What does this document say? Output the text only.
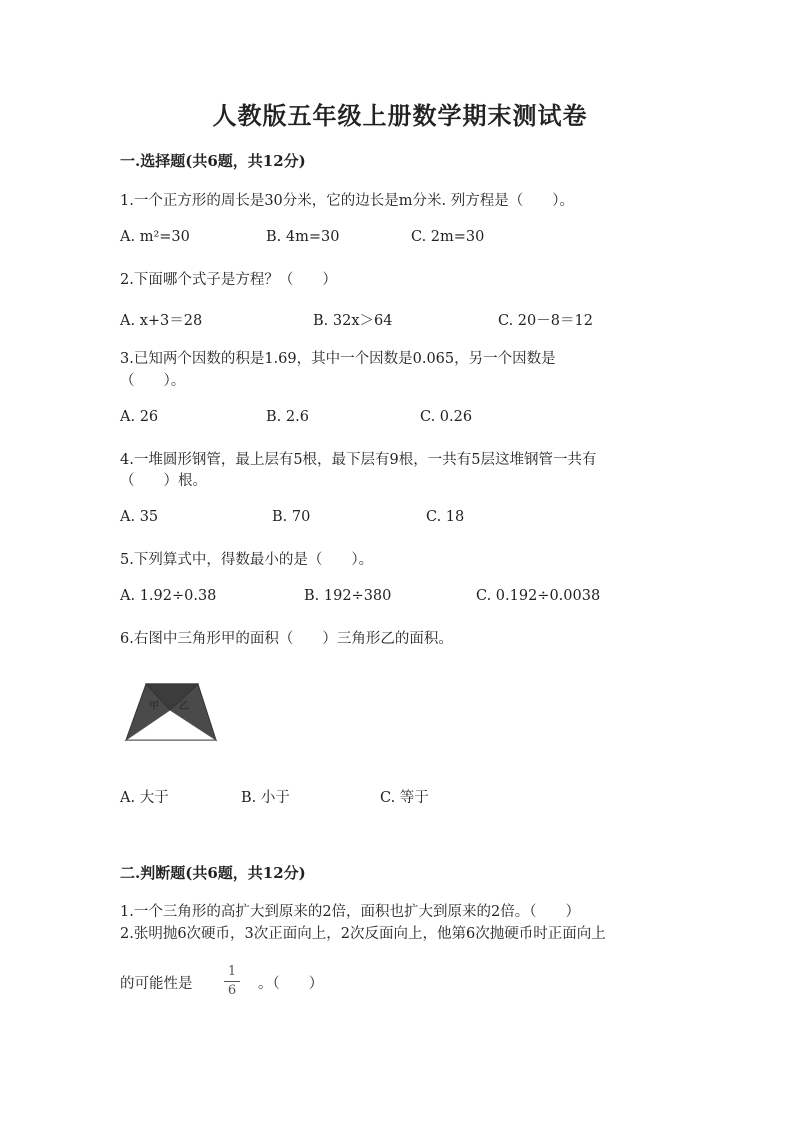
人教版五年级上册数学期末测试卷
一.选择题(共6题，共12分)
1.一个正方形的周长是30分米，它的边长是m分米. 列方程是（　　）。
A. m²=30	B. 4m=30	C. 2m=30
2.下面哪个式子是方程？（　　）
A. x+3＝28	B. 32x＞64	C. 20－8＝12
3.已知两个因数的积是1.69，其中一个因数是0.065，另一个因数是
（　　）。
A. 26	B. 2.6	C. 0.26
4.一堆圆形钢管，最上层有5根，最下层有9根，一共有5层这堆钢管一共有
（　　）根。
A. 35	B. 70	C. 18
5.下列算式中，得数最小的是（　　）。
A. 1.92÷0.38	B. 192÷380	C. 0.192÷0.0038
6.右图中三角形甲的面积（　　）三角形乙的面积。
甲 乙
A. 大于	B. 小于	C. 等于
二.判断题(共6题，共12分)
1.一个三角形的高扩大到原来的2倍，面积也扩大到原来的2倍。（　　）
2.张明抛6次硬币，3次正面向上，2次反面向上，他第6次抛硬币时正面向上
的可能性是
1
6 。（　　）
